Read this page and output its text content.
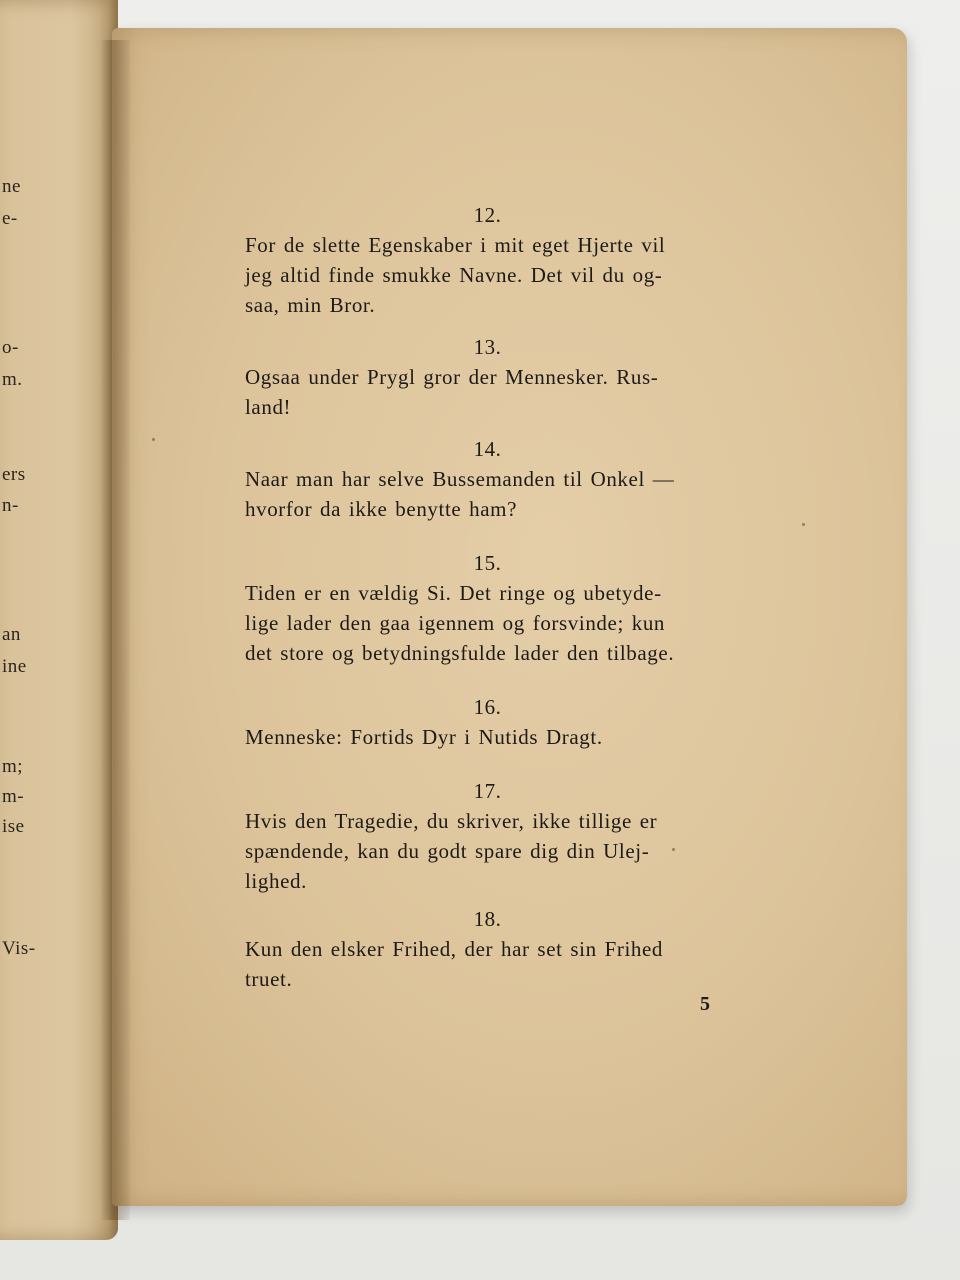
ne
e-
o-
m.
ers
n-
an
ine
m;
m-
ise
Vis-
12.
For de slette Egenskaber i mit eget Hjerte vil
jeg altid finde smukke Navne. Det vil du og-
saa, min Bror.
13.
Ogsaa under Prygl gror der Mennesker. Rus-
land!
14.
Naar man har selve Bussemanden til Onkel —
hvorfor da ikke benytte ham?
15.
Tiden er en vældig Si. Det ringe og ubetyde-
lige lader den gaa igennem og forsvinde; kun
det store og betydningsfulde lader den tilbage.
16.
Menneske: Fortids Dyr i Nutids Dragt.
17.
Hvis den Tragedie, du skriver, ikke tillige er
spændende, kan du godt spare dig din Ulej-
lighed.
18.
Kun den elsker Frihed, der har set sin Frihed
truet.
5
